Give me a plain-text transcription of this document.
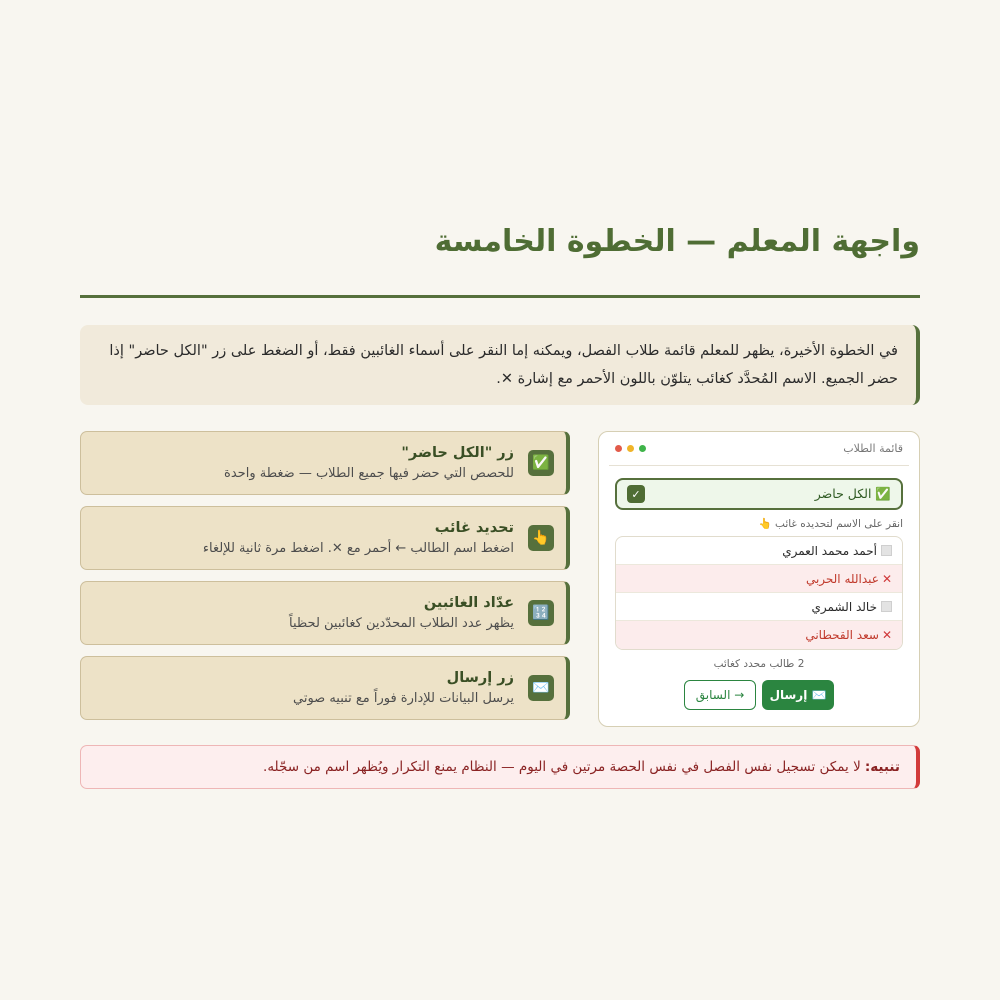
واجهة المعلم — الخطوة الخامسة

في الخطوة الأخيرة، يظهر للمعلم قائمة طلاب الفصل، ويمكنه إما النقر على أسماء الغائبين فقط، أو الضغط على زر "الكل حاضر" إذا حضر الجميع. الاسم المُحدَّد كغائب يتلوّن باللون الأحمر مع إشارة ✕.

✅
زر "الكل حاضر"
للحصص التي حضر فيها جميع الطلاب — ضغطة واحدة
👆
تحديد غائب
اضغط اسم الطالب ← أحمر مع ✕. اضغط مرة ثانية للإلغاء
🔢
عدّاد الغائبين
يظهر عدد الطلاب المحدّدين كغائبين لحظياً
✉️
زر إرسال
يرسل البيانات للإدارة فوراً مع تنبيه صوتي
قائمة الطلاب
✅ الكل حاضر
✓
انقر على الاسم لتحديده غائب 👆
أحمد محمد العمري
✕
عبدالله الحربي
خالد الشمري
✕
سعد القحطاني
2 طالب محدد كغائب
✉️ إرسال
→ السابق
تنبيه:
لا يمكن تسجيل نفس الفصل في نفس الحصة مرتين في اليوم — النظام يمنع التكرار ويُظهر اسم من سجّله.
